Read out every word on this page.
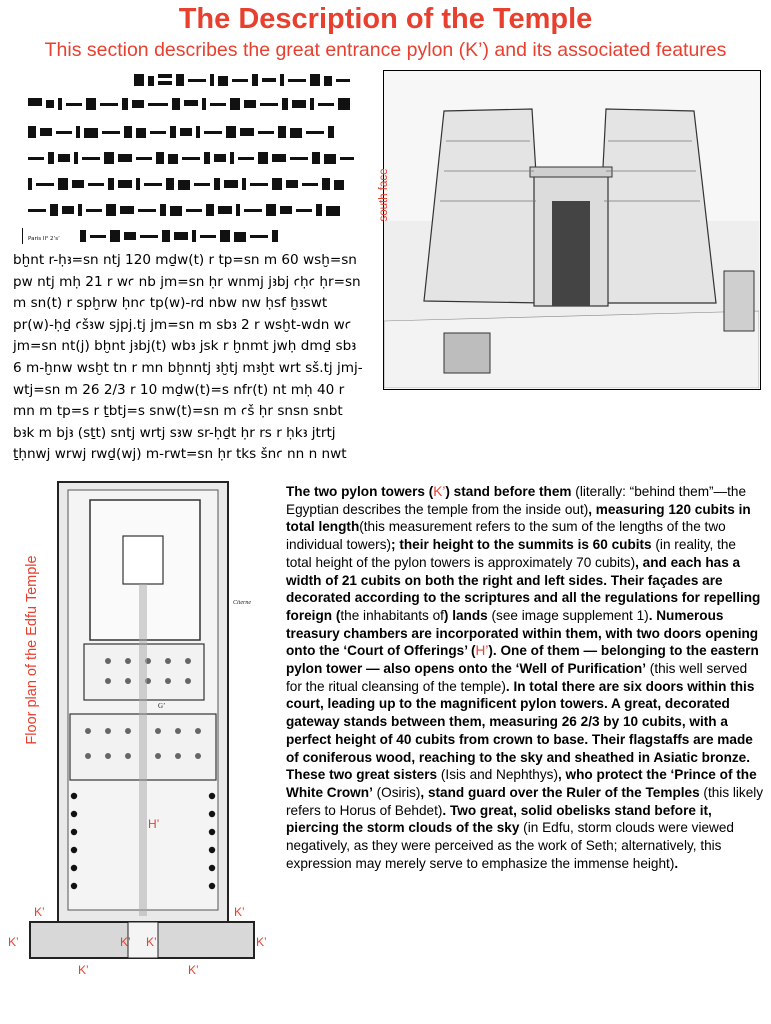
The Description of the Temple
This section describes the great entrance pylon (K’) and its associated features
Paris II² 2’s’
bḫnt r-ḥꜣ=sn ntj 120 mḏw(t) r tp=sn m 60 wsḫ=sn pw ntj mḥ 21 r wꜥ nb jm=sn ḥr wnmj jꜣbj ꜥḥꜥ ḥr=sn m sn(t) r spḫrw ḥnꜥ tp(w)-rd nbw nw ḥsf ḫꜣswt pr(w)-ḥḏ ꜥšꜣw sjpj.tj jm=sn m sbꜣ 2 r wsḫt-wdn wꜥ jm=sn nt(j) bḫnt jꜣbj(t) wbꜣ jsk r ḫnmt jwḥ dmḏ sbꜣ 6 m-ḫnw wsḫt tn r mn bḫnntj ꜣḫtj mꜣḫt wrt sš.tj jmj-wtj=sn m 26 2/3 r 10 mḏw(t)=s nfr(t) nt mḥ 40 r mn m tp=s r ṯbtj=s snw(t)=sn m ꜥš ḥr snsn snbt bꜣk m bjꜣ (sṯt) sntj wrtj sꜣw sr-ḥḏt ḥr rs r ḥkꜣ jtrtj ṯḥnwj wrwj rwḏ(wj) m-rwt=sn ḥr tks šnꜥ nn n nwt
south face
Floor plan of the Edfu Temple
H’
K’	K’
K’	K’ K’	K’
K’	K’
Citerne
G’
The two pylon towers (K’) stand before them (literally: “behind them”—the Egyptian describes the temple from the inside out), measuring 120 cubits in total length(this measurement refers to the sum of the lengths of the two individual towers); their height to the summits is 60 cubits (in reality, the total height of the pylon towers is approximately 70 cubits), and each has a width of 21 cubits on both the right and left sides. Their façades are decorated according to the scriptures and all the regulations for repelling foreign (the inhabitants of) lands (see image supplement 1). Numerous treasury chambers are incorporated within them, with two doors opening onto the ‘Court of Offerings’ (H’). One of them — belonging to the eastern pylon tower — also opens onto the ‘Well of Purification’ (this well served for the ritual cleansing of the temple). In total there are six doors within this court, leading up to the magnificent pylon towers. A great, decorated gateway stands between them, measuring 26 2/3 by 10 cubits, with a perfect height of 40 cubits from crown to base. Their flagstaffs are made of coniferous wood, reaching to the sky and sheathed in Asiatic bronze. These two great sisters (Isis and Nephthys), who protect the ‘Prince of the White Crown’ (Osiris), stand guard over the Ruler of the Temples (this likely refers to Horus of Behdet). Two great, solid obelisks stand before it, piercing the storm clouds of the sky (in Edfu, storm clouds were viewed negatively, as they were perceived as the work of Seth; alternatively, this expression may merely serve to emphasize the immense height).
